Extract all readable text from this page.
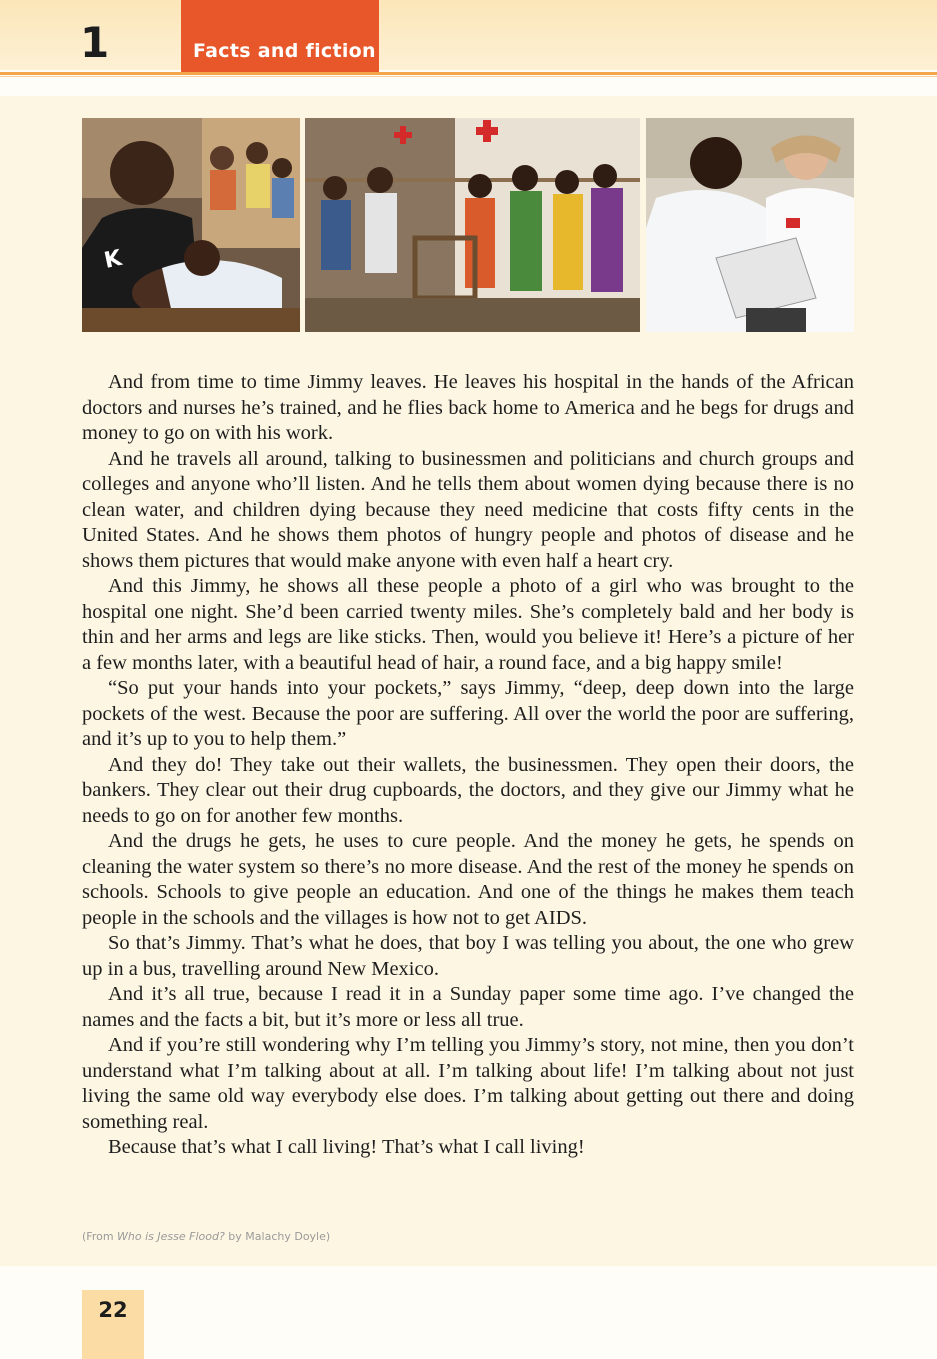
1	Facts and fiction
K

And from time to time Jimmy leaves. He leaves his hospital in the hands of the African doctors and nurses he’s trained, and he flies back home to America and he begs for drugs and money to go on with his work.

And he travels all around, talking to businessmen and politicians and church groups and colleges and anyone who’ll listen. And he tells them about women dying because there is no clean water, and children dying because they need medicine that costs fifty cents in the United States. And he shows them photos of hungry people and photos of disease and he shows them pictures that would make anyone with even half a heart cry.

And this Jimmy, he shows all these people a photo of a girl who was brought to the hospital one night. She’d been carried twenty miles. She’s completely bald and her body is thin and her arms and legs are like sticks. Then, would you believe it! Here’s a picture of her a few months later, with a beautiful head of hair, a round face, and a big happy smile!

“So put your hands into your pockets,” says Jimmy, “deep, deep down into the large pockets of the west. Because the poor are suffering. All over the world the poor are suffering, and it’s up to you to help them.”

And they do! They take out their wallets, the businessmen. They open their doors, the bankers. They clear out their drug cupboards, the doctors, and they give our Jimmy what he needs to go on for another few months.

And the drugs he gets, he uses to cure people. And the money he gets, he spends on cleaning the water system so there’s no more disease. And the rest of the money he spends on schools. Schools to give people an education. And one of the things he makes them teach people in the schools and the villages is how not to get AIDS.

So that’s Jimmy. That’s what he does, that boy I was telling you about, the one who grew up in a bus, travelling around New Mexico.

And it’s all true, because I read it in a Sunday paper some time ago. I’ve changed the names and the facts a bit, but it’s more or less all true.

And if you’re still wondering why I’m telling you Jimmy’s story, not mine, then you don’t understand what I’m talking about at all. I’m talking about life! I’m talking about not just living the same old way everybody else does. I’m talking about getting out there and doing something real.

Because that’s what I call living! That’s what I call living!

(From Who is Jesse Flood? by Malachy Doyle)
22
